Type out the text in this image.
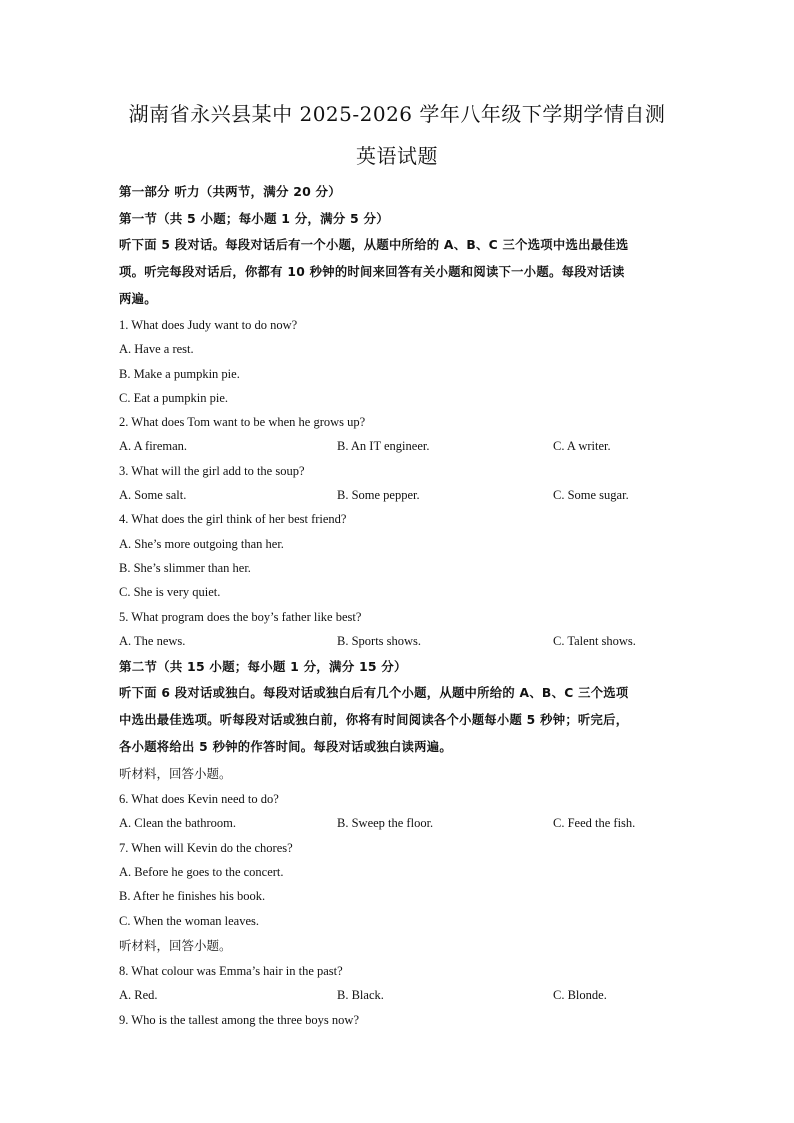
湖南省永兴县某中 2025-2026 学年八年级下学期学情自测
英语试题
第一部分 听力（共两节，满分 20 分）
第一节（共 5 小题；每小题 1 分，满分 5 分）
听下面 5 段对话。每段对话后有一个小题，从题中所给的 A、B、C 三个选项中选出最佳选
项。听完每段对话后，你都有 10 秒钟的时间来回答有关小题和阅读下一小题。每段对话读
两遍。
1. What does Judy want to do now?
A. Have a rest.
B. Make a pumpkin pie.
C. Eat a pumpkin pie.
2. What does Tom want to be when he grows up?
A. A fireman.	B. An IT engineer.	C. A writer.
3. What will the girl add to the soup?
A. Some salt.	B. Some pepper.	C. Some sugar.
4. What does the girl think of her best friend?
A. She’s more outgoing than her.
B. She’s slimmer than her.
C. She is very quiet.
5. What program does the boy’s father like best?
A. The news.	B. Sports shows.	C. Talent shows.
第二节（共 15 小题；每小题 1 分，满分 15 分）
听下面 6 段对话或独白。每段对话或独白后有几个小题，从题中所给的 A、B、C 三个选项
中选出最佳选项。听每段对话或独白前，你将有时间阅读各个小题每小题 5 秒钟；听完后，
各小题将给出 5 秒钟的作答时间。每段对话或独白读两遍。
听材料，回答小题。
6. What does Kevin need to do?
A. Clean the bathroom.	B. Sweep the floor.	C. Feed the fish.
7. When will Kevin do the chores?
A. Before he goes to the concert.
B. After he finishes his book.
C. When the woman leaves.
听材料，回答小题。
8. What colour was Emma’s hair in the past?
A. Red.	B. Black.	C. Blonde.
9. Who is the tallest among the three boys now?
